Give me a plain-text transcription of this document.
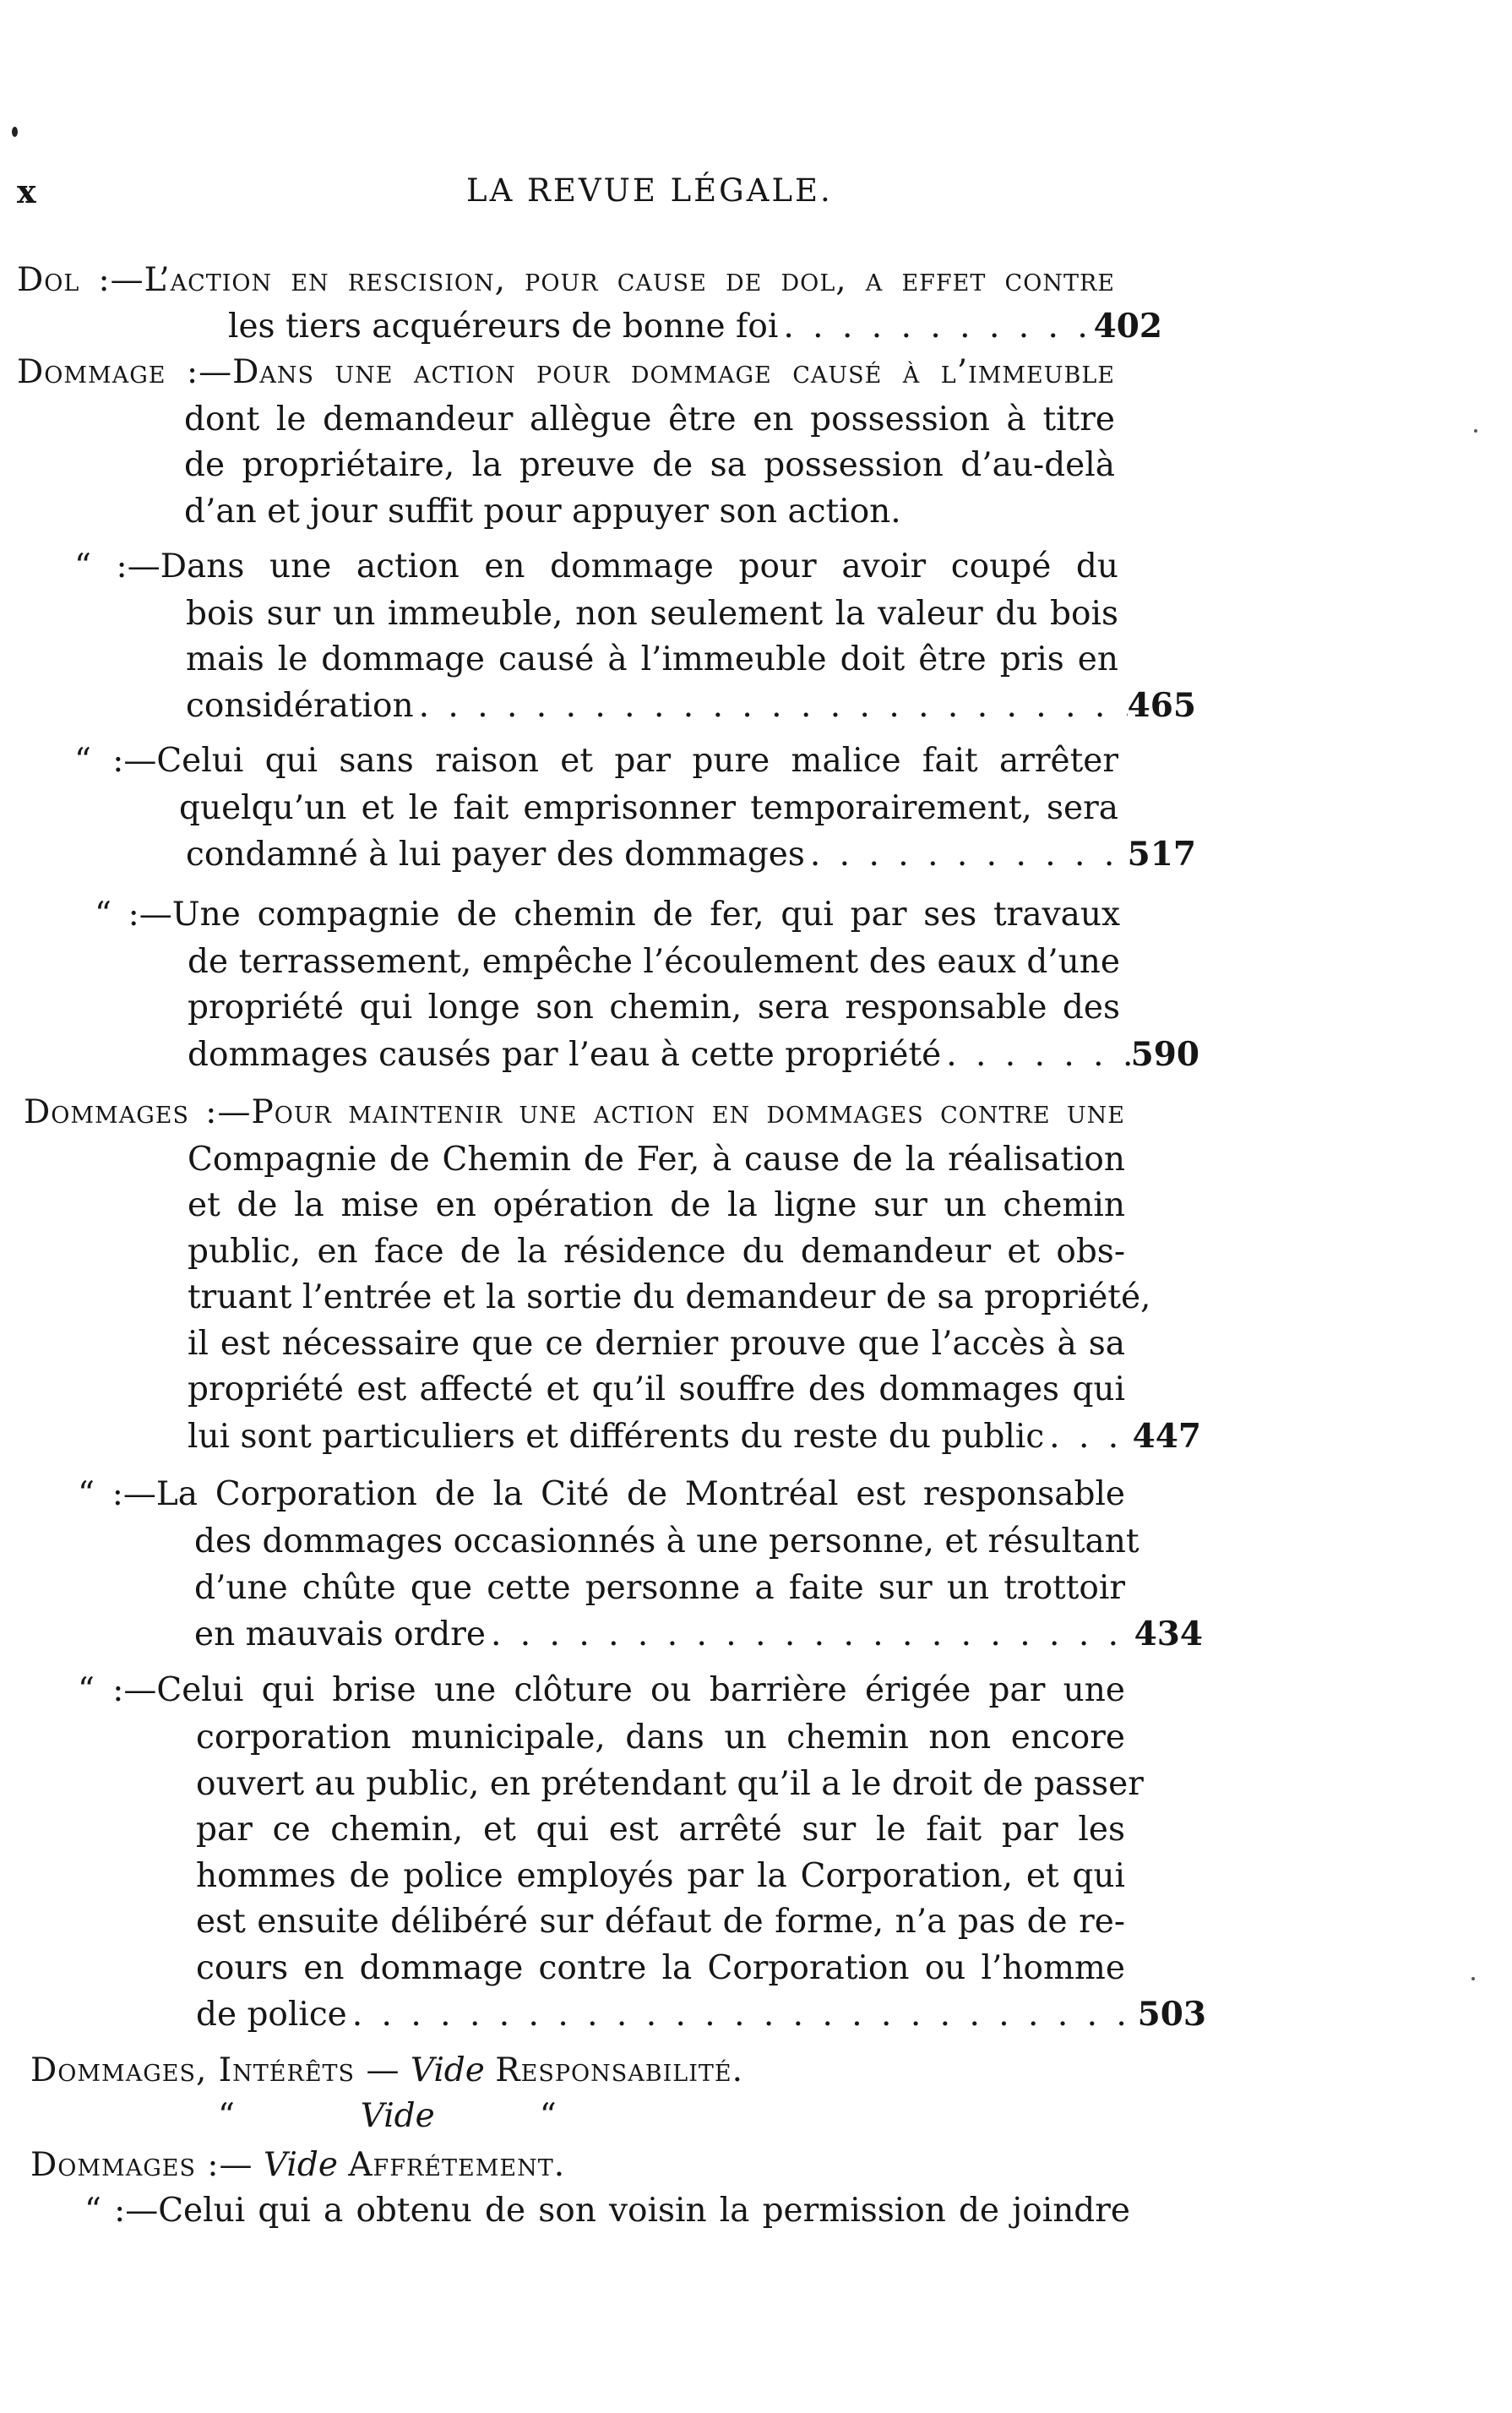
x	LA REVUE LÉGALE.
Dol :—L’action en rescision, pour cause de dol, a effet contre
les tiers acquéreurs de bonne foi . . .	402
Dommage :—Dans une action pour dommage causé à l’immeuble
dont le demandeur allègue être en possession à titre
de propriétaire, la preuve de sa possession d’au-delà
d’an et jour suffit pour appuyer son action.
“ :—Dans une action en dommage pour avoir coupé du
bois sur un immeuble, non seulement la valeur du bois
mais le dommage causé à l’immeuble doit être pris en
considération . . .	465
“ :—Celui qui sans raison et par pure malice fait arrêter
quelqu’un et le fait emprisonner temporairement, sera
condamné à lui payer des dommages . . .	517
“ :—Une compagnie de chemin de fer, qui par ses travaux
de terrassement, empêche l’écoulement des eaux d’une
propriété qui longe son chemin, sera responsable des
dommages causés par l’eau à cette propriété . . .	590
Dommages :—Pour maintenir une action en dommages contre une
Compagnie de Chemin de Fer, à cause de la réalisation
et de la mise en opération de la ligne sur un chemin
public, en face de la résidence du demandeur et obs-
truant l’entrée et la sortie du demandeur de sa propriété,
il est nécessaire que ce dernier prouve que l’accès à sa
propriété est affecté et qu’il souffre des dommages qui
lui sont particuliers et différents du reste du public . . .	447
“ :—La Corporation de la Cité de Montréal est responsable
des dommages occasionnés à une personne, et résultant
d’une chûte que cette personne a faite sur un trottoir
en mauvais ordre . . .	434
“ :—Celui qui brise une clôture ou barrière érigée par une
corporation municipale, dans un chemin non encore
ouvert au public, en prétendant qu’il a le droit de passer
par ce chemin, et qui est arrêté sur le fait par les
hommes de police employés par la Corporation, et qui
est ensuite délibéré sur défaut de forme, n’a pas de re-
cours en dommage contre la Corporation ou l’homme
de police . . .	503
Dommages, Intérêts —
Vide
Responsabilité.
“
	Vide
	“
Dommages :—
Vide
Affrétement.
“ :—Celui qui a obtenu de son voisin la permission de joindre
